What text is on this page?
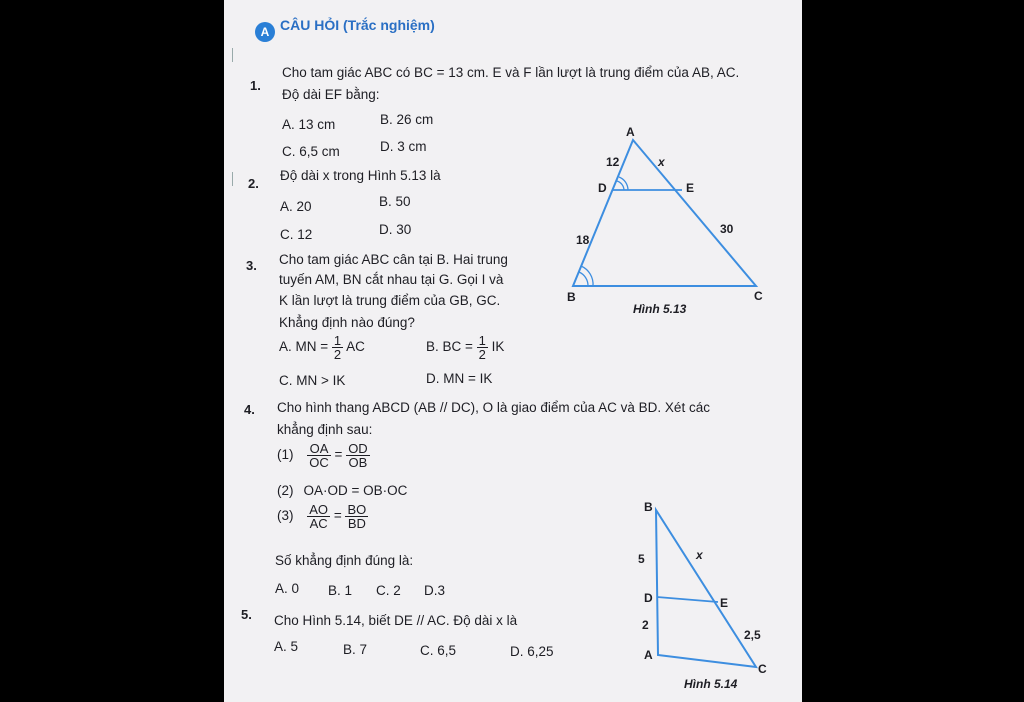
A CÂU HỎI (Trắc nghiệm)
1.
Cho tam giác ABC có BC = 13 cm. E và F lần lượt là trung điểm của AB, AC.
Độ dài EF bằng:
A. 13 cm	B. 26 cm
C. 6,5 cm	D. 3 cm
2.
Độ dài x trong Hình 5.13 là
A. 20	B. 50
C. 12	D. 30
3. Cho tam giác ABC cân tại B. Hai trung
tuyến AM, BN cắt nhau tại G. Gọi I và
K lần lượt là trung điểm của GB, GC.
Khẳng định nào đúng?
A. MN = $\frac{1}{2}$ AC	B. BC = $\frac{1}{2}$ IK
C. MN > IK	D. MN = IK
4. Cho hình thang ABCD (AB // DC), O là giao điểm của AC và BD. Xét các
khẳng định sau:
$(1) \frac{OA}{OC} = \frac{OD}{OB}$
(2) OA·OD = OB·OC
$(3) \frac{AO}{AC} = \frac{BO}{BD}$
Số khẳng định đúng là:
A. 0 B. 1 C. 2 D.3
5. Cho Hình 5.14, biết DE // AC. Độ dài x là
A. 5	B. 7	C. 6,5	D. 6,25
A
D	E
B	C
12	x
18
30
Hình 5.13
B
D	E
A
C
5	x
2
2,5
Hình 5.14
